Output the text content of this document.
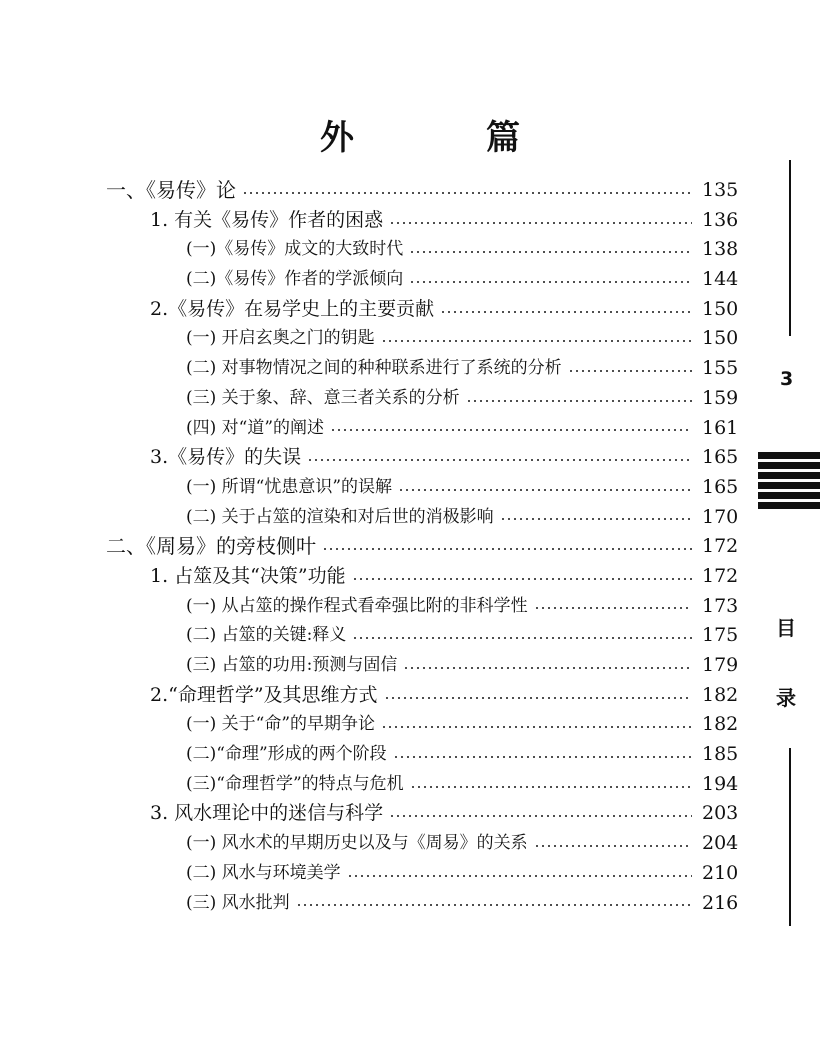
外	篇
一、《易传》论	135
1. 有关《易传》作者的困惑	136
(一)《易传》成文的大致时代	138
(二)《易传》作者的学派倾向	144
2.《易传》在易学史上的主要贡献	150
(一) 开启玄奥之门的钥匙	150
(二) 对事物情况之间的种种联系进行了系统的分析	155
(三) 关于象、辞、意三者关系的分析	159
(四) 对“道”的阐述	161
3.《易传》的失误	165
(一) 所谓“忧患意识”的误解	165
(二) 关于占筮的渲染和对后世的消极影响	170
二、《周易》的旁枝侧叶	172
1. 占筮及其“决策”功能	172
(一) 从占筮的操作程式看牵强比附的非科学性	173
(二) 占筮的关键:释义	175
(三) 占筮的功用:预测与固信	179
2.“命理哲学”及其思维方式	182
(一) 关于“命”的早期争论	182
(二)“命理”形成的两个阶段	185
(三)“命理哲学”的特点与危机	194
3. 风水理论中的迷信与科学	203
(一) 风水术的早期历史以及与《周易》的关系	204
(二) 风水与环境美学	210
(三) 风水批判	216
3
目
录
